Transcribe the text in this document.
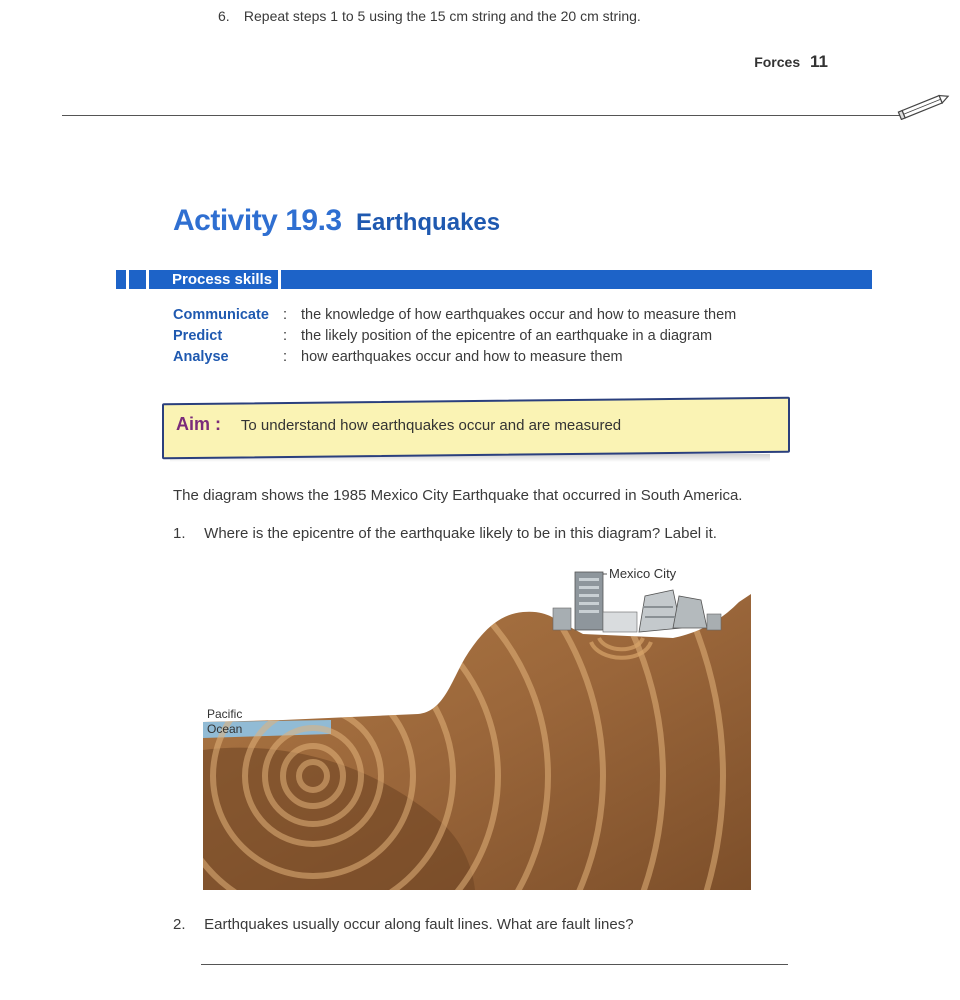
6. Repeat steps 1 to 5 using the 15 cm string and the 20 cm string.
Forces 11
Activity 19.3 Earthquakes
Process skills
Communicate : the knowledge of how earthquakes occur and how to measure them
Predict	: the likely position of the epicentre of an earthquake in a diagram
Analyse	: how earthquakes occur and how to measure them
Aim : To understand how earthquakes occur and are measured
The diagram shows the 1985 Mexico City Earthquake that occurred in South America.
1. Where is the epicentre of the earthquake likely to be in this diagram? Label it.
Mexico City
Pacific
Ocean
2. Earthquakes usually occur along fault lines. What are fault lines?
